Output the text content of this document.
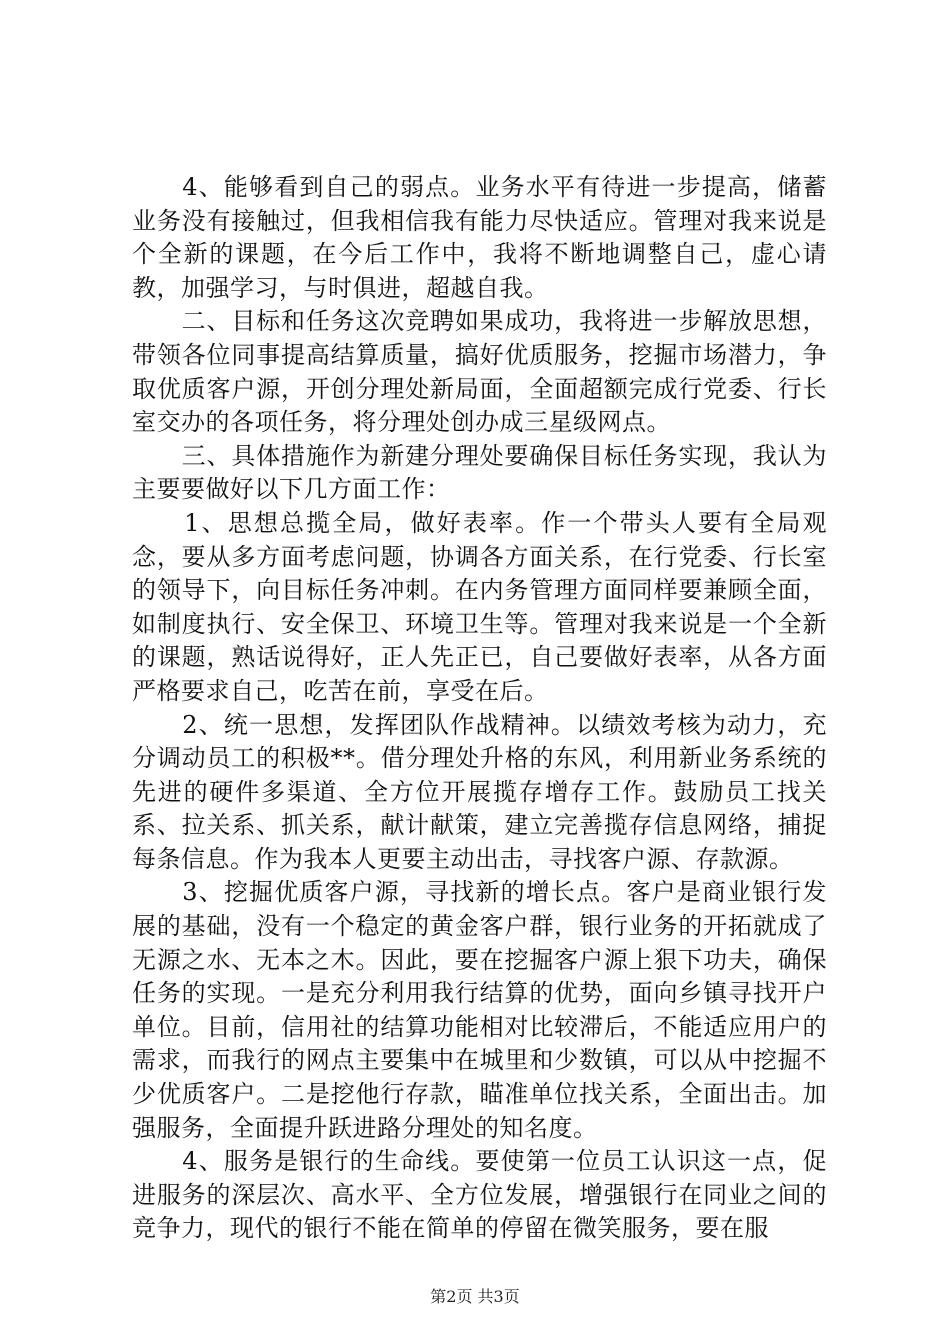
　　4、能够看到自己的弱点。业务水平有待进一步提高，储蓄业务没有接触过，但我相信我有能力尽快适应。管理对我来说是个全新的课题，在今后工作中，我将不断地调整自己，虚心请教，加强学习，与时俱进，超越自我。

　　二、目标和任务这次竞聘如果成功，我将进一步解放思想，带领各位同事提高结算质量，搞好优质服务，挖掘市场潜力，争取优质客户源，开创分理处新局面，全面超额完成行党委、行长室交办的各项任务，将分理处创办成三星级网点。

　　三、具体措施作为新建分理处要确保目标任务实现，我认为主要要做好以下几方面工作：

　　1、思想总揽全局，做好表率。作一个带头人要有全局观念，要从多方面考虑问题，协调各方面关系，在行党委、行长室的领导下，向目标任务冲刺。在内务管理方面同样要兼顾全面，如制度执行、安全保卫、环境卫生等。管理对我来说是一个全新的课题，熟话说得好，正人先正已，自己要做好表率，从各方面严格要求自己，吃苦在前，享受在后。

　　2、统一思想，发挥团队作战精神。以绩效考核为动力，充分调动员工的积极**。借分理处升格的东风，利用新业务系统的先进的硬件多渠道、全方位开展揽存增存工作。鼓励员工找关系、拉关系、抓关系，献计献策，建立完善揽存信息网络，捕捉每条信息。作为我本人更要主动出击，寻找客户源、存款源。

　　3、挖掘优质客户源，寻找新的增长点。客户是商业银行发展的基础，没有一个稳定的黄金客户群，银行业务的开拓就成了无源之水、无本之木。因此，要在挖掘客户源上狠下功夫，确保任务的实现。一是充分利用我行结算的优势，面向乡镇寻找开户单位。目前，信用社的结算功能相对比较滞后，不能适应用户的需求，而我行的网点主要集中在城里和少数镇，可以从中挖掘不少优质客户。二是挖他行存款，瞄准单位找关系，全面出击。加强服务，全面提升跃进路分理处的知名度。

　　4、服务是银行的生命线。要使第一位员工认识这一点，促进服务的深层次、高水平、全方位发展，增强银行在同业之间的竞争力，现代的银行不能在简单的停留在微笑服务，要在服

第2页 共3页
